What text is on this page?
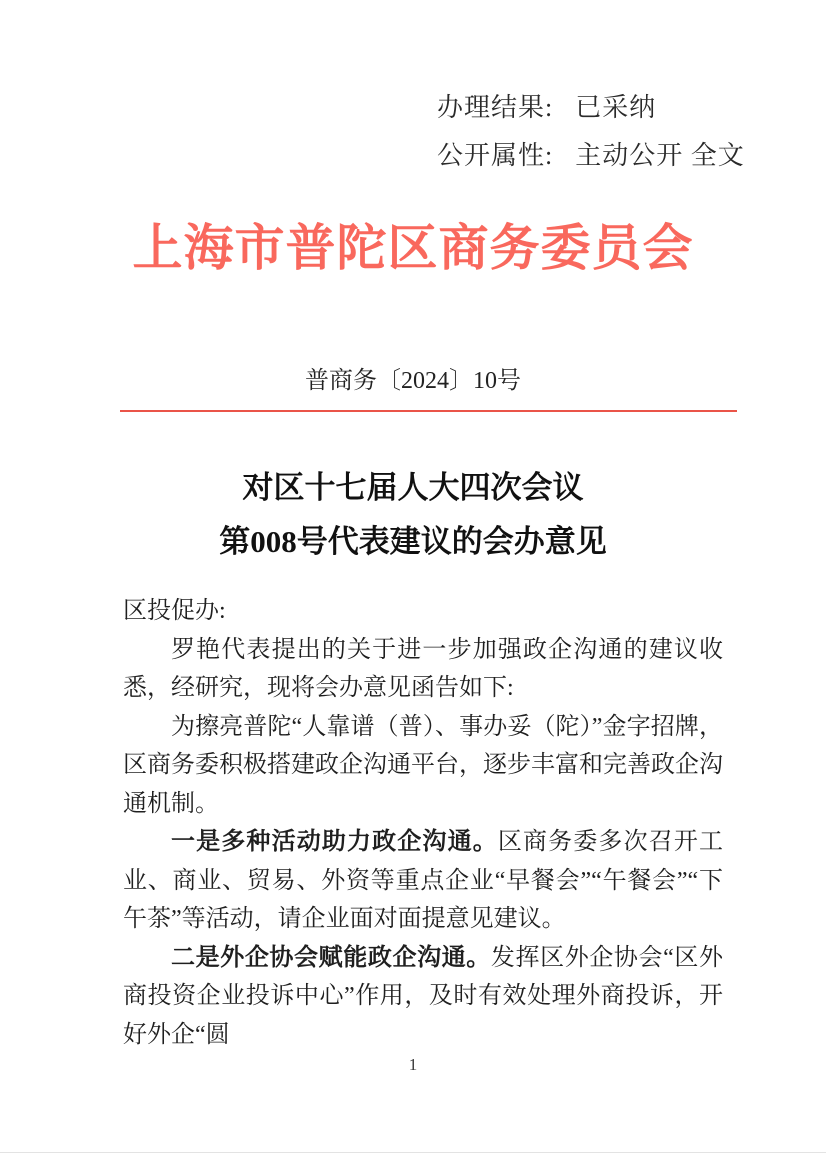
办理结果: 已采纳
公开属性: 主动公开 全文
上海市普陀区商务委员会
普商务〔2024〕10号
对区十七届人大四次会议
第008号代表建议的会办意见

区投促办:

罗艳代表提出的关于进一步加强政企沟通的建议收悉，经研究，现将会办意见函告如下:

为擦亮普陀“人靠谱（普）、事办妥（陀）”金字招牌，区商务委积极搭建政企沟通平台，逐步丰富和完善政企沟通机制。

一是多种活动助力政企沟通。区商务委多次召开工业、商业、贸易、外资等重点企业“早餐会”“午餐会”“下午茶”等活动，请企业面对面提意见建议。

二是外企协会赋能政企沟通。发挥区外企协会“区外商投资企业投诉中心”作用，及时有效处理外商投诉，开好外企“圆

1
